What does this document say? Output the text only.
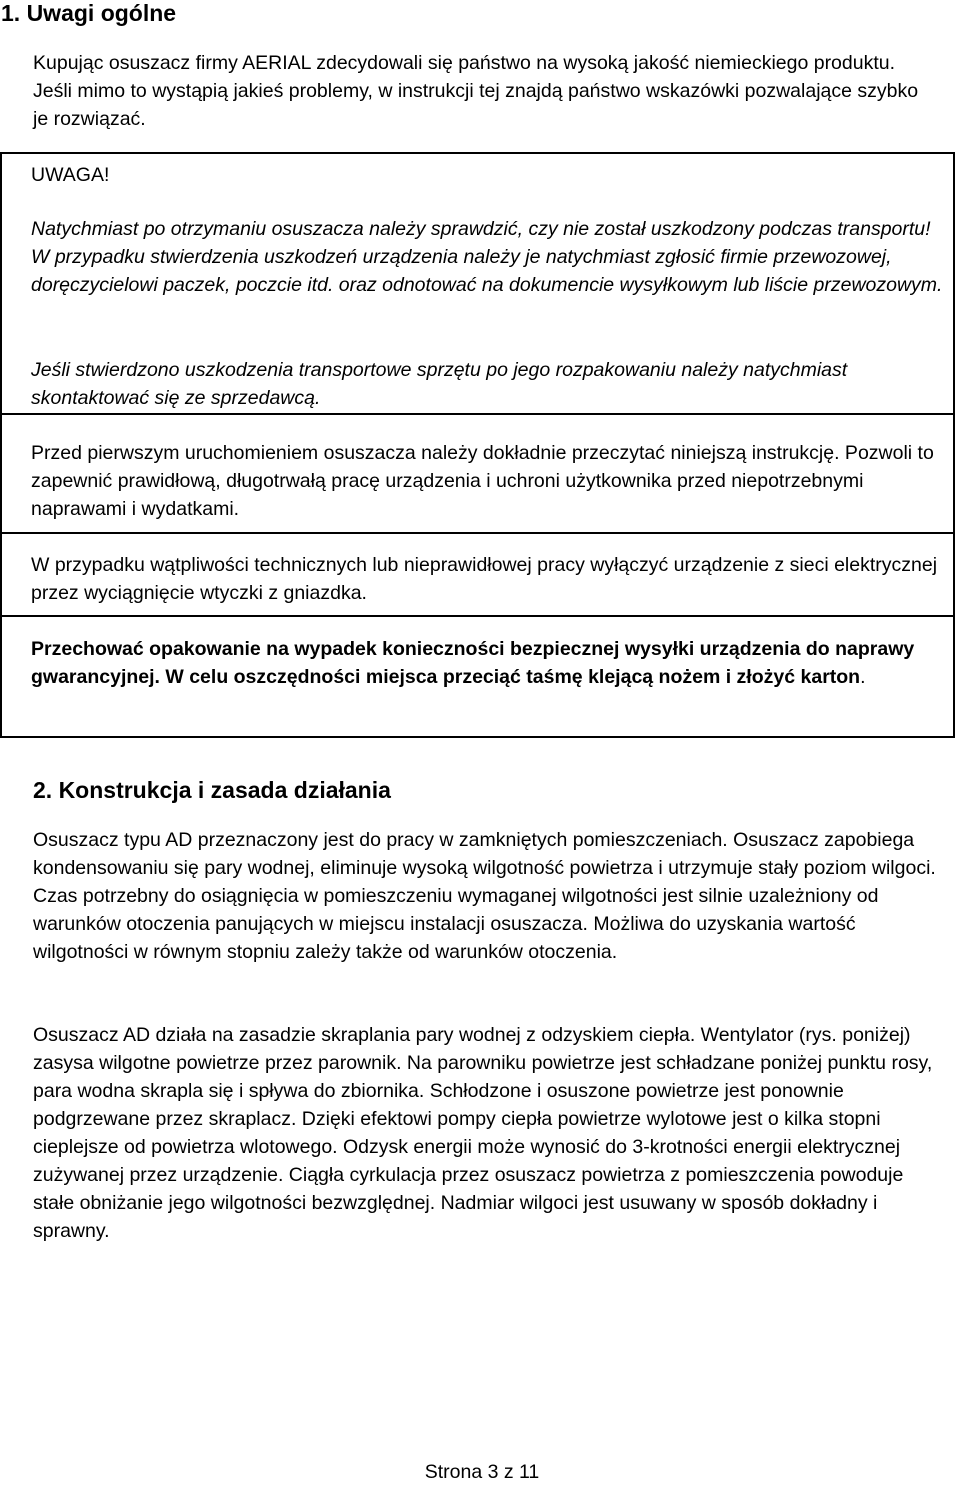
1. Uwagi ogólne

Kupując osuszacz firmy AERIAL zdecydowali się państwo na wysoką jakość niemieckiego produktu. Jeśli mimo to wystąpią jakieś problemy, w instrukcji tej znajdą państwo wskazówki pozwalające szybko je rozwiązać.

UWAGA!

Natychmiast po otrzymaniu osuszacza należy sprawdzić, czy nie został uszkodzony podczas transportu! W przypadku stwierdzenia uszkodzeń urządzenia należy je natychmiast zgłosić firmie przewozowej, doręczycielowi paczek, poczcie itd. oraz odnotować na dokumencie wysyłkowym lub liście przewozowym.

Jeśli stwierdzono uszkodzenia transportowe sprzętu po jego rozpakowaniu należy natychmiast skontaktować się ze sprzedawcą.

Przed pierwszym uruchomieniem osuszacza należy dokładnie przeczytać niniejszą instrukcję. Pozwoli to zapewnić prawidłową, długotrwałą pracę urządzenia i uchroni użytkownika przed niepotrzebnymi naprawami i wydatkami.

W przypadku wątpliwości technicznych lub nieprawidłowej pracy wyłączyć urządzenie z sieci elektrycznej przez wyciągnięcie wtyczki z gniazdka.

Przechować opakowanie na wypadek konieczności bezpiecznej wysyłki urządzenia do naprawy gwarancyjnej. W celu oszczędności miejsca przeciąć taśmę klejącą nożem i złożyć karton.

2. Konstrukcja i zasada działania

Osuszacz typu AD przeznaczony jest do pracy w zamkniętych pomieszczeniach. Osuszacz zapobiega kondensowaniu się pary wodnej, eliminuje wysoką wilgotność powietrza i utrzymuje stały poziom wilgoci. Czas potrzebny do osiągnięcia w pomieszczeniu wymaganej wilgotności jest silnie uzależniony od warunków otoczenia panujących w miejscu instalacji osuszacza. Możliwa do uzyskania wartość wilgotności w równym stopniu zależy także od warunków otoczenia.

Osuszacz AD działa na zasadzie skraplania pary wodnej z odzyskiem ciepła. Wentylator (rys. poniżej) zasysa wilgotne powietrze przez parownik. Na parowniku powietrze jest schładzane poniżej punktu rosy, para wodna skrapla się i spływa do zbiornika. Schłodzone i osuszone powietrze jest ponownie podgrzewane przez skraplacz. Dzięki efektowi pompy ciepła powietrze wylotowe jest o kilka stopni cieplejsze od powietrza wlotowego. Odzysk energii może wynosić do 3-krotności energii elektrycznej zużywanej przez urządzenie. Ciągła cyrkulacja przez osuszacz powietrza z pomieszczenia powoduje stałe obniżanie jego wilgotności bezwzględnej. Nadmiar wilgoci jest usuwany w sposób dokładny i sprawny.

Strona 3 z 11
